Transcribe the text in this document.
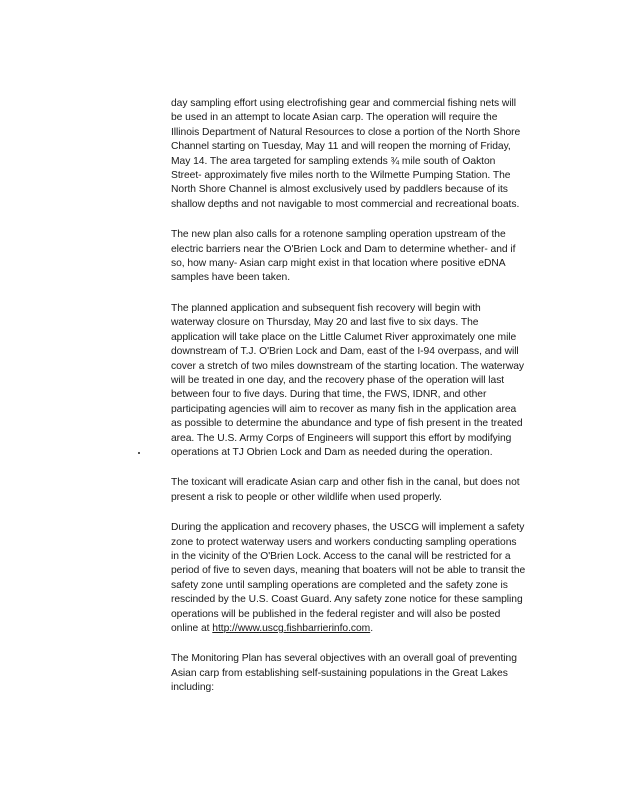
day sampling effort using electrofishing gear and commercial fishing nets will be used in an attempt to locate Asian carp. The operation will require the Illinois Department of Natural Resources to close a portion of the North Shore Channel starting on Tuesday, May 11 and will reopen the morning of Friday, May 14. The area targeted for sampling extends ¾ mile south of Oakton Street- approximately five miles north to the Wilmette Pumping Station. The North Shore Channel is almost exclusively used by paddlers because of its shallow depths and not navigable to most commercial and recreational boats.

The new plan also calls for a rotenone sampling operation upstream of the electric barriers near the O'Brien Lock and Dam to determine whether- and if so, how many- Asian carp might exist in that location where positive eDNA samples have been taken.

The planned application and subsequent fish recovery will begin with waterway closure on Thursday, May 20 and last five to six days. The application will take place on the Little Calumet River approximately one mile downstream of T.J. O'Brien Lock and Dam, east of the I-94 overpass, and will cover a stretch of two miles downstream of the starting location. The waterway will be treated in one day, and the recovery phase of the operation will last between four to five days. During that time, the FWS, IDNR, and other participating agencies will aim to recover as many fish in the application area as possible to determine the abundance and type of fish present in the treated area. The U.S. Army Corps of Engineers will support this effort by modifying operations at TJ Obrien Lock and Dam as needed during the operation.

The toxicant will eradicate Asian carp and other fish in the canal, but does not present a risk to people or other wildlife when used properly.

During the application and recovery phases, the USCG will implement a safety zone to protect waterway users and workers conducting sampling operations in the vicinity of the O'Brien Lock. Access to the canal will be restricted for a period of five to seven days, meaning that boaters will not be able to transit the safety zone until sampling operations are completed and the safety zone is rescinded by the U.S. Coast Guard. Any safety zone notice for these sampling operations will be published in the federal register and will also be posted online at http://www.uscg.fishbarrierinfo.com.

The Monitoring Plan has several objectives with an overall goal of preventing Asian carp from establishing self-sustaining populations in the Great Lakes including:
